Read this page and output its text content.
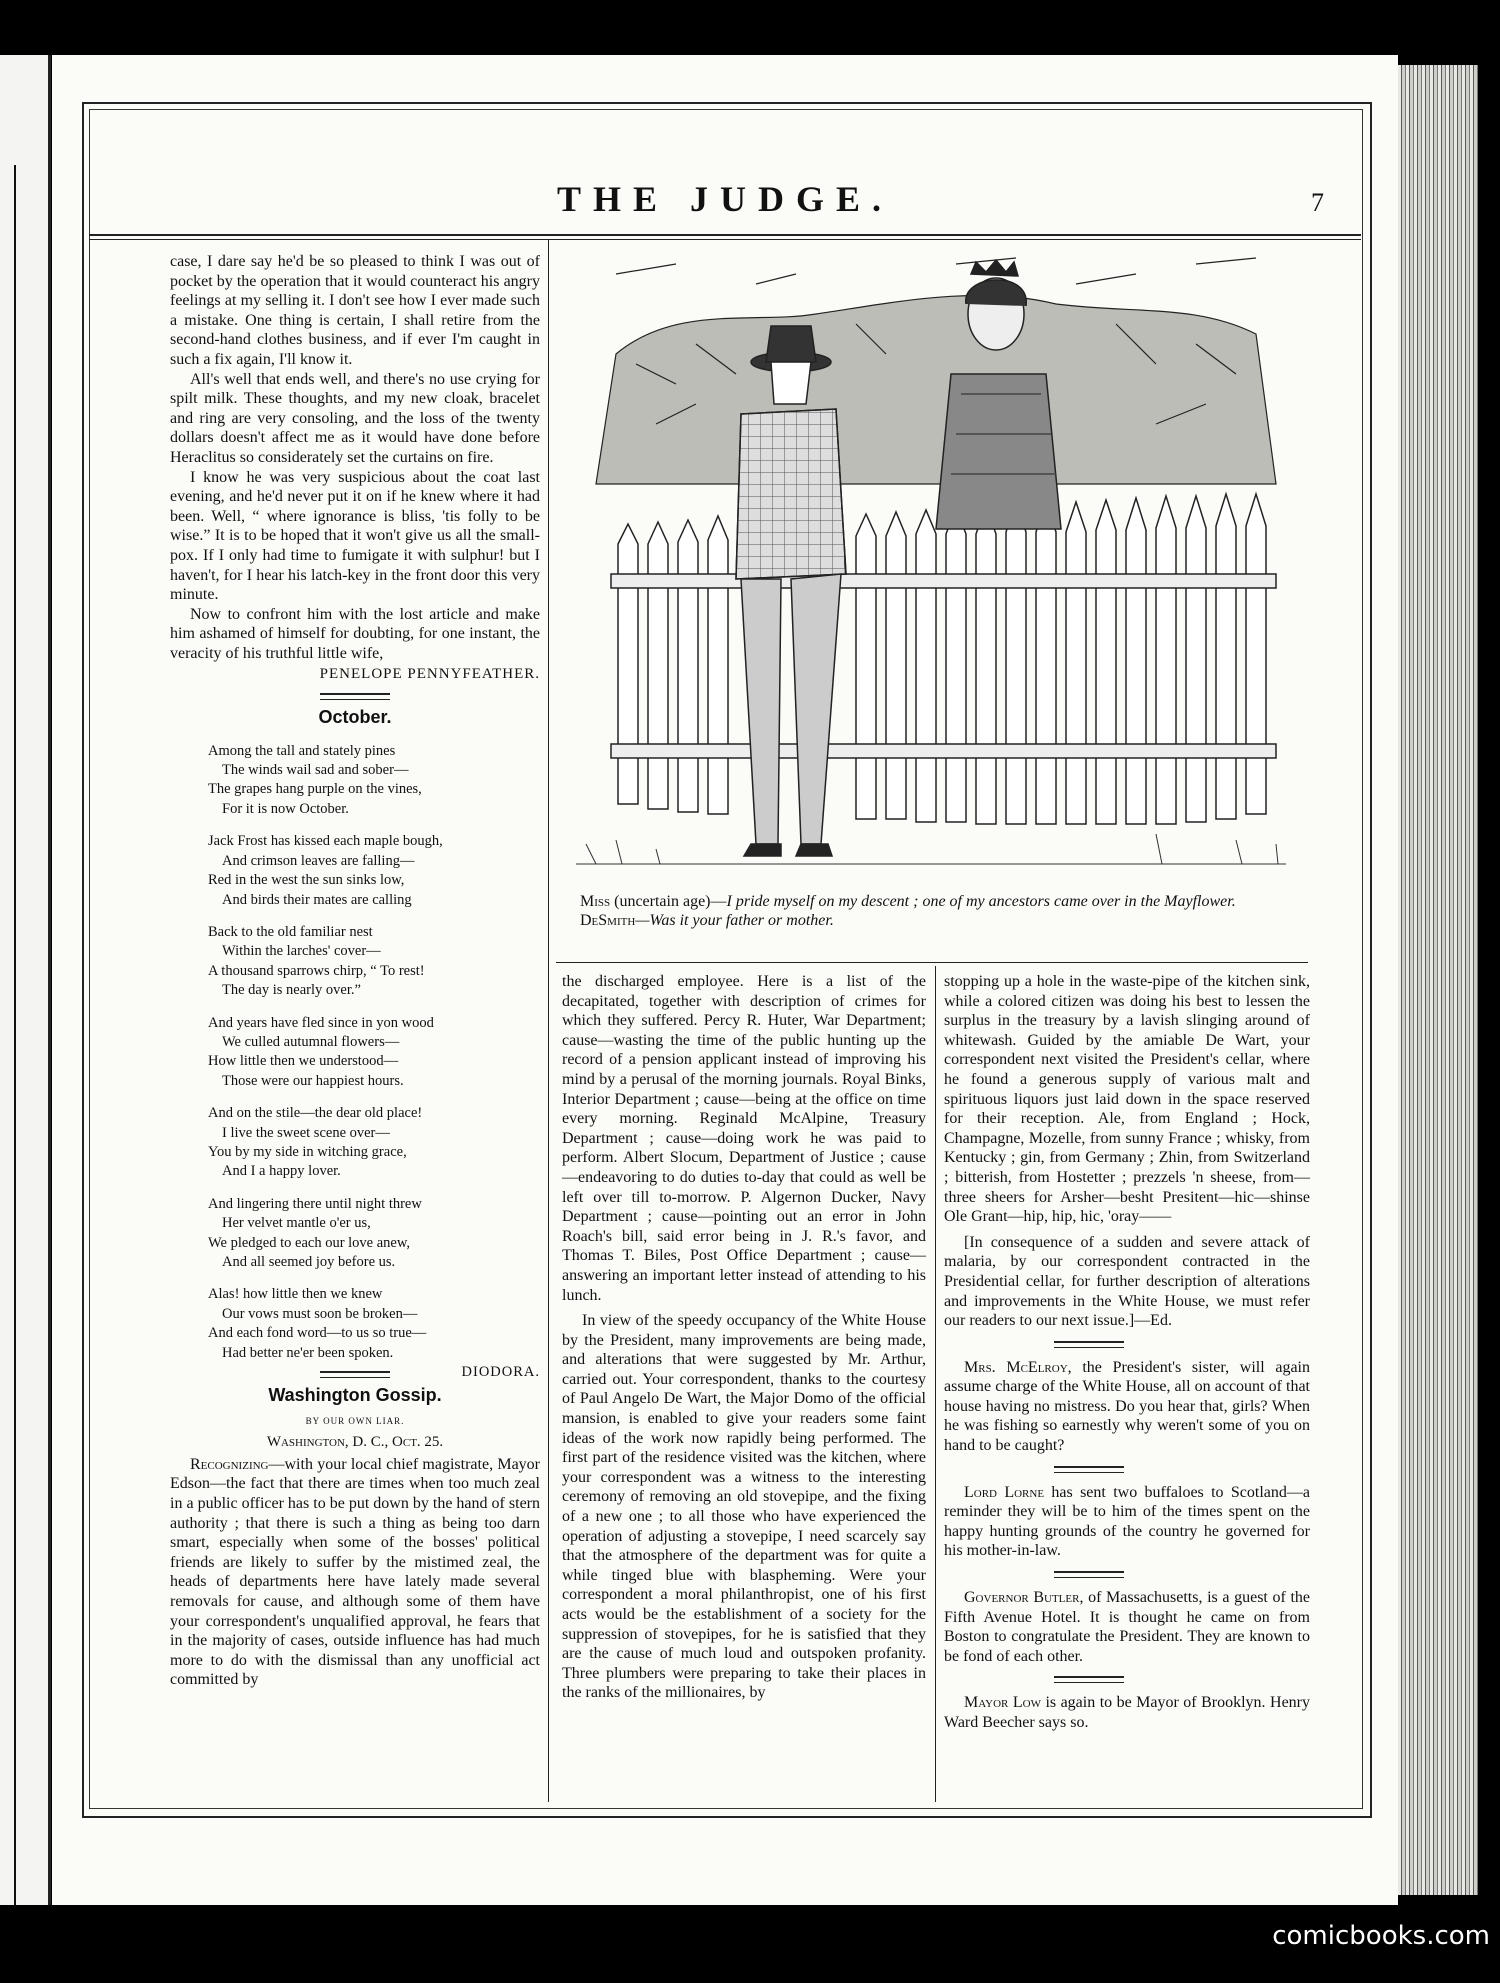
THE JUDGE.	7

case, I dare say he'd be so pleased to think I was out of pocket by the operation that it would counteract his angry feelings at my selling it. I don't see how I ever made such a mistake. One thing is certain, I shall retire from the second-hand clothes business, and if ever I'm caught in such a fix again, I'll know it.

All's well that ends well, and there's no use crying for spilt milk. These thoughts, and my new cloak, bracelet and ring are very consoling, and the loss of the twenty dollars doesn't affect me as it would have done before Heraclitus so considerately set the curtains on fire.

I know he was very suspicious about the coat last evening, and he'd never put it on if he knew where it had been. Well, “ where ignorance is bliss, 'tis folly to be wise.” It is to be hoped that it won't give us all the small-pox. If I only had time to fumigate it with sulphur! but I haven't, for I hear his latch-key in the front door this very minute.

Now to confront him with the lost article and make him ashamed of himself for doubting, for one instant, the veracity of his truthful little wife,

PENELOPE PENNYFEATHER.
October.
Among the tall and stately pines
The winds wail sad and sober—
The grapes hang purple on the vines,
For it is now October.
Jack Frost has kissed each maple bough,
And crimson leaves are falling—
Red in the west the sun sinks low,
And birds their mates are calling
Back to the old familiar nest
Within the larches' cover—
A thousand sparrows chirp, “ To rest!
The day is nearly over.”
And years have fled since in yon wood
We culled autumnal flowers—
How little then we understood—
Those were our happiest hours.
And on the stile—the dear old place!
I live the sweet scene over—
You by my side in witching grace,
And I a happy lover.
And lingering there until night threw
Her velvet mantle o'er us,
We pledged to each our love anew,
And all seemed joy before us.
Alas! how little then we knew
Our vows must soon be broken—
And each fond word—to us so true—
Had better ne'er been spoken.
DIODORA.
Washington Gossip.
BY OUR OWN LIAR.
Washington, D. C., Oct. 25.

Recognizing—with your local chief magistrate, Mayor Edson—the fact that there are times when too much zeal in a public officer has to be put down by the hand of stern authority ; that there is such a thing as being too darn smart, especially when some of the bosses' political friends are likely to suffer by the mistimed zeal, the heads of departments here have lately made several removals for cause, and although some of them have your correspondent's unqualified approval, he fears that in the majority of cases, outside influence has had much more to do with the dismissal than any unofficial act committed by

Miss (uncertain age)—I pride myself on my descent ; one of my ancestors came over in the Mayflower.
DeSmith—Was it your father or mother.

the discharged employee. Here is a list of the decapitated, together with description of crimes for which they suffered. Percy R. Huter, War Department; cause—wasting the time of the public hunting up the record of a pension applicant instead of improving his mind by a perusal of the morning journals. Royal Binks, Interior Department ; cause—being at the office on time every morning. Reginald McAlpine, Treasury Department ; cause—doing work he was paid to perform. Albert Slocum, Department of Justice ; cause—endeavoring to do duties to-day that could as well be left over till to-morrow. P. Algernon Ducker, Navy Department ; cause—pointing out an error in John Roach's bill, said error being in J. R.'s favor, and Thomas T. Biles, Post Office Department ; cause—answering an important letter instead of attending to his lunch.

In view of the speedy occupancy of the White House by the President, many improvements are being made, and alterations that were suggested by Mr. Arthur, carried out. Your correspondent, thanks to the courtesy of Paul Angelo De Wart, the Major Domo of the official mansion, is enabled to give your readers some faint ideas of the work now rapidly being performed. The first part of the residence visited was the kitchen, where your correspondent was a witness to the interesting ceremony of removing an old stovepipe, and the fixing of a new one ; to all those who have experienced the operation of adjusting a stovepipe, I need scarcely say that the atmosphere of the department was for quite a while tinged blue with blaspheming. Were your correspondent a moral philanthropist, one of his first acts would be the establishment of a society for the suppression of stovepipes, for he is satisfied that they are the cause of much loud and outspoken profanity. Three plumbers were preparing to take their places in the ranks of the millionaires, by

stopping up a hole in the waste-pipe of the kitchen sink, while a colored citizen was doing his best to lessen the surplus in the treasury by a lavish slinging around of whitewash. Guided by the amiable De Wart, your correspondent next visited the President's cellar, where he found a generous supply of various malt and spirituous liquors just laid down in the space reserved for their reception. Ale, from England ; Hock, Champagne, Mozelle, from sunny France ; whisky, from Kentucky ; gin, from Germany ; Zhin, from Switzerland ; bitterish, from Hostetter ; prezzels 'n sheese, from—three sheers for Arsher—besht Presitent—hic—shinse Ole Grant—hip, hip, hic, 'oray——

[In consequence of a sudden and severe attack of malaria, by our correspondent contracted in the Presidential cellar, for further description of alterations and improvements in the White House, we must refer our readers to our next issue.]—Ed.

Mrs. McElroy, the President's sister, will again assume charge of the White House, all on account of that house having no mistress. Do you hear that, girls? When he was fishing so earnestly why weren't some of you on hand to be caught?

Lord Lorne has sent two buffaloes to Scotland—a reminder they will be to him of the times spent on the happy hunting grounds of the country he governed for his mother-in-law.

Governor Butler, of Massachusetts, is a guest of the Fifth Avenue Hotel. It is thought he came on from Boston to congratulate the President. They are known to be fond of each other.

Mayor Low is again to be Mayor of Brooklyn. Henry Ward Beecher says so.

comicbooks.com
